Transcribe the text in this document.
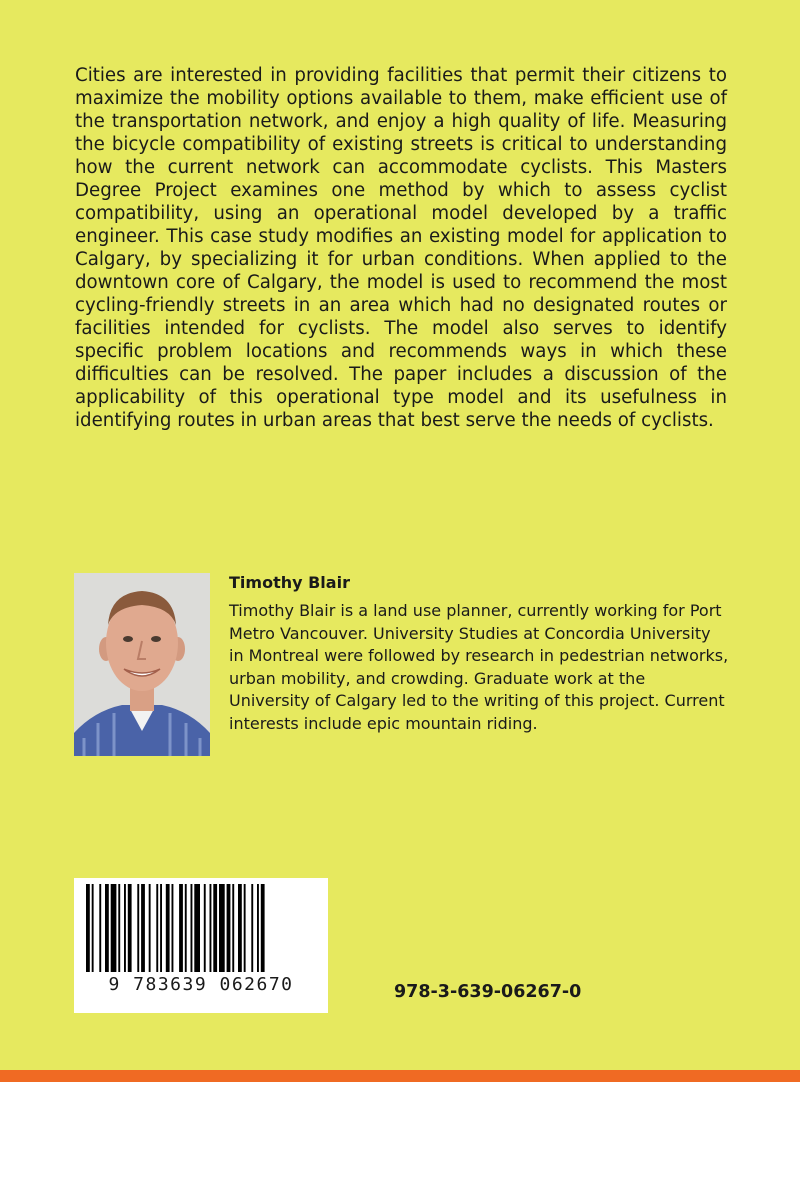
Cities are interested in providing facilities that permit their citizens to maximize the mobility options available to them, make efficient use of the transportation network, and enjoy a high quality of life. Measuring the bicycle compatibility of existing streets is critical to understanding how the current network can accommodate cyclists. This Masters Degree Project examines one method by which to assess cyclist compatibility, using an operational model developed by a traffic engineer. This case study modifies an existing model for application to Calgary, by specializing it for urban conditions. When applied to the downtown core of Calgary, the model is used to recommend the most cycling-friendly streets in an area which had no designated routes or facilities intended for cyclists. The model also serves to identify specific problem locations and recommends ways in which these difficulties can be resolved. The paper includes a discussion of the applicability of this operational type model and its usefulness in identifying routes in urban areas that best serve the needs of cyclists.

Timothy Blair

Timothy Blair is a land use planner, currently working for Port Metro Vancouver. University Studies at Concordia University in Montreal were followed by research in pedestrian networks, urban mobility, and crowding. Graduate work at the University of Calgary led to the writing of this project. Current interests include epic mountain riding.

9 783639 062670	978-3-639-06267-0
